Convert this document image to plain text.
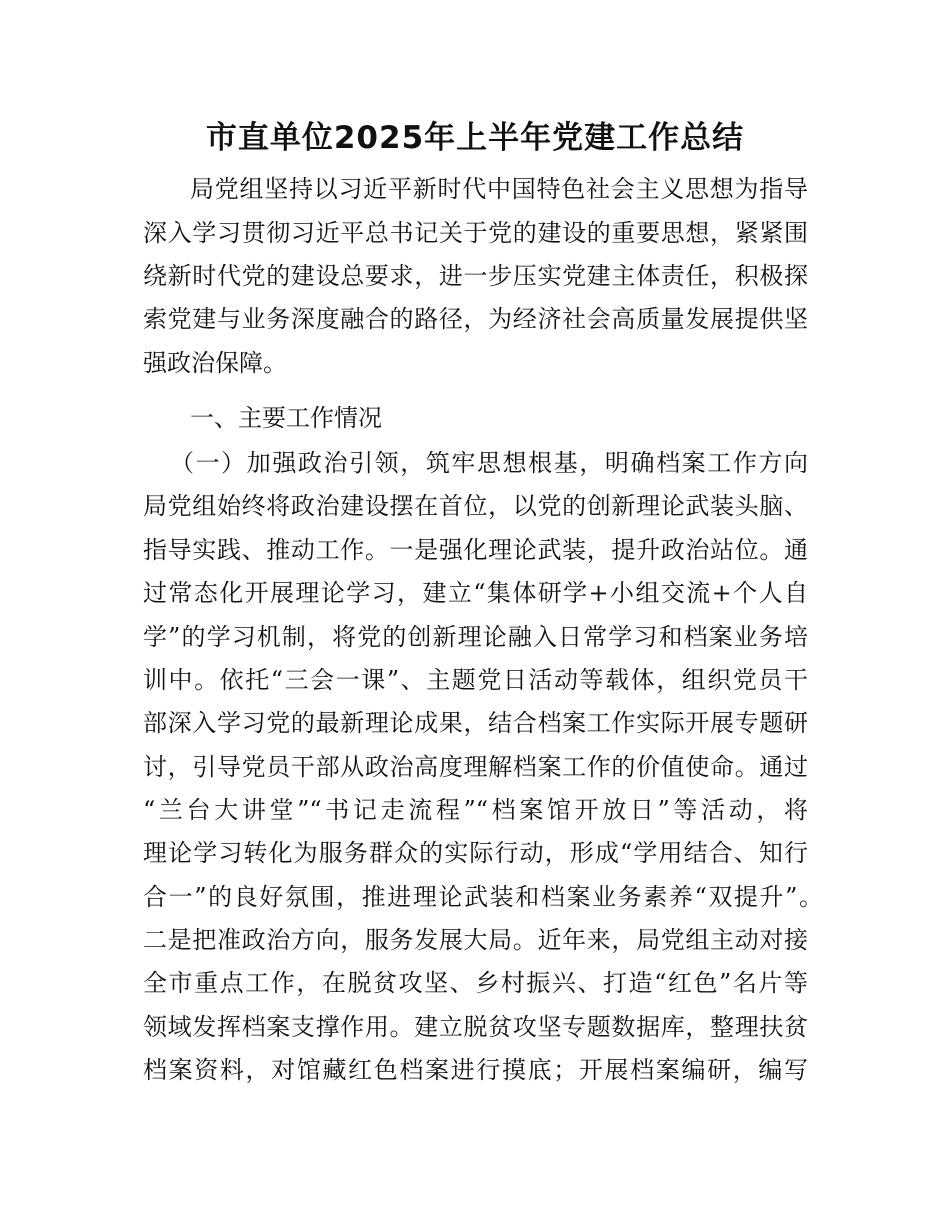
市直单位2025年上半年党建工作总结
局党组坚持以习近平新时代中国特色社会主义思想为指导
深入学习贯彻习近平总书记关于党的建设的重要思想，紧紧围
绕新时代党的建设总要求，进一步压实党建主体责任，积极探
索党建与业务深度融合的路径，为经济社会高质量发展提供坚
强政治保障。
一、主要工作情况
（一）加强政治引领，筑牢思想根基，明确档案工作方向
局党组始终将政治建设摆在首位，以党的创新理论武装头脑、
指导实践、推动工作。一是强化理论武装，提升政治站位。通
过常态化开展理论学习，建立“集体研学+小组交流+个人自
学”的学习机制，将党的创新理论融入日常学习和档案业务培
训中。依托“三会一课”、主题党日活动等载体，组织党员干
部深入学习党的最新理论成果，结合档案工作实际开展专题研
讨，引导党员干部从政治高度理解档案工作的价值使命。通过
“兰台大讲堂”“书记走流程”“档案馆开放日”等活动，将
理论学习转化为服务群众的实际行动，形成“学用结合、知行
合一”的良好氛围，推进理论武装和档案业务素养“双提升”。
二是把准政治方向，服务发展大局。近年来，局党组主动对接
全市重点工作，在脱贫攻坚、乡村振兴、打造“红色”名片等
领域发挥档案支撑作用。建立脱贫攻坚专题数据库，整理扶贫
档案资料，对馆藏红色档案进行摸底；开展档案编研，编写
